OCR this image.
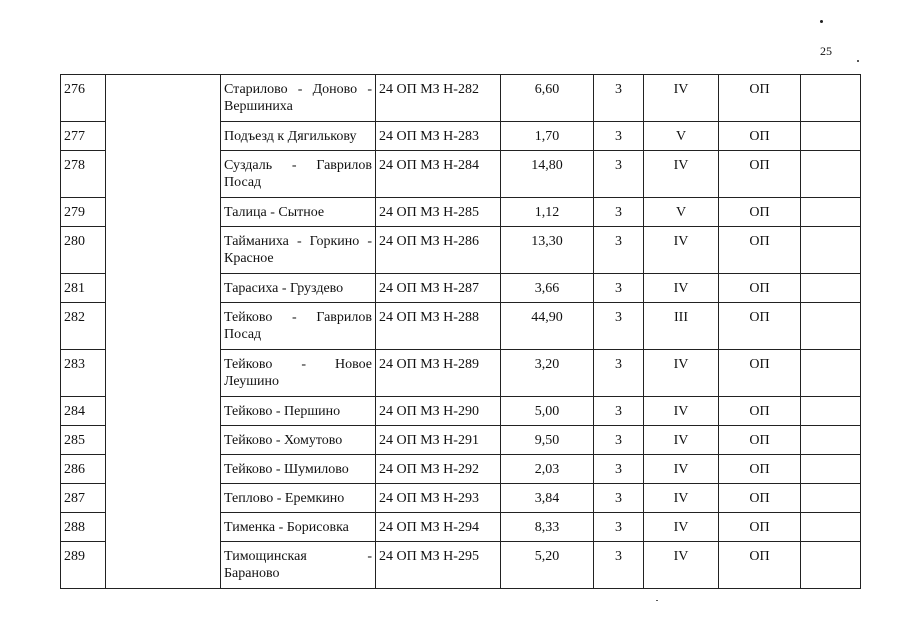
25
276		Старилово - Доново - Вершиниха	24 ОП МЗ Н-282	6,60	3	IV	ОП	
277		Подъезд к Дягилькову	24 ОП МЗ Н-283	1,70	3	V	ОП	
278		Суздаль - Гаврилов Посад	24 ОП МЗ Н-284	14,80	3	IV	ОП	
279		Талица - Сытное	24 ОП МЗ Н-285	1,12	3	V	ОП	
280		Тайманиха - Горкино - Красное	24 ОП МЗ Н-286	13,30	3	IV	ОП	
281		Тарасиха - Груздево	24 ОП МЗ Н-287	3,66	3	IV	ОП	
282		Тейково - Гаврилов Посад	24 ОП МЗ Н-288	44,90	3	III	ОП	
283		Тейково - Новое Леушино	24 ОП МЗ Н-289	3,20	3	IV	ОП	
284		Тейково - Першино	24 ОП МЗ Н-290	5,00	3	IV	ОП	
285		Тейково - Хомутово	24 ОП МЗ Н-291	9,50	3	IV	ОП	
286		Тейково - Шумилово	24 ОП МЗ Н-292	2,03	3	IV	ОП	
287		Теплово - Еремкино	24 ОП МЗ Н-293	3,84	3	IV	ОП	
288		Тименка - Борисовка	24 ОП МЗ Н-294	8,33	3	IV	ОП	
289		Тимощинская - Бараново	24 ОП МЗ Н-295	5,20	3	IV	ОП	
